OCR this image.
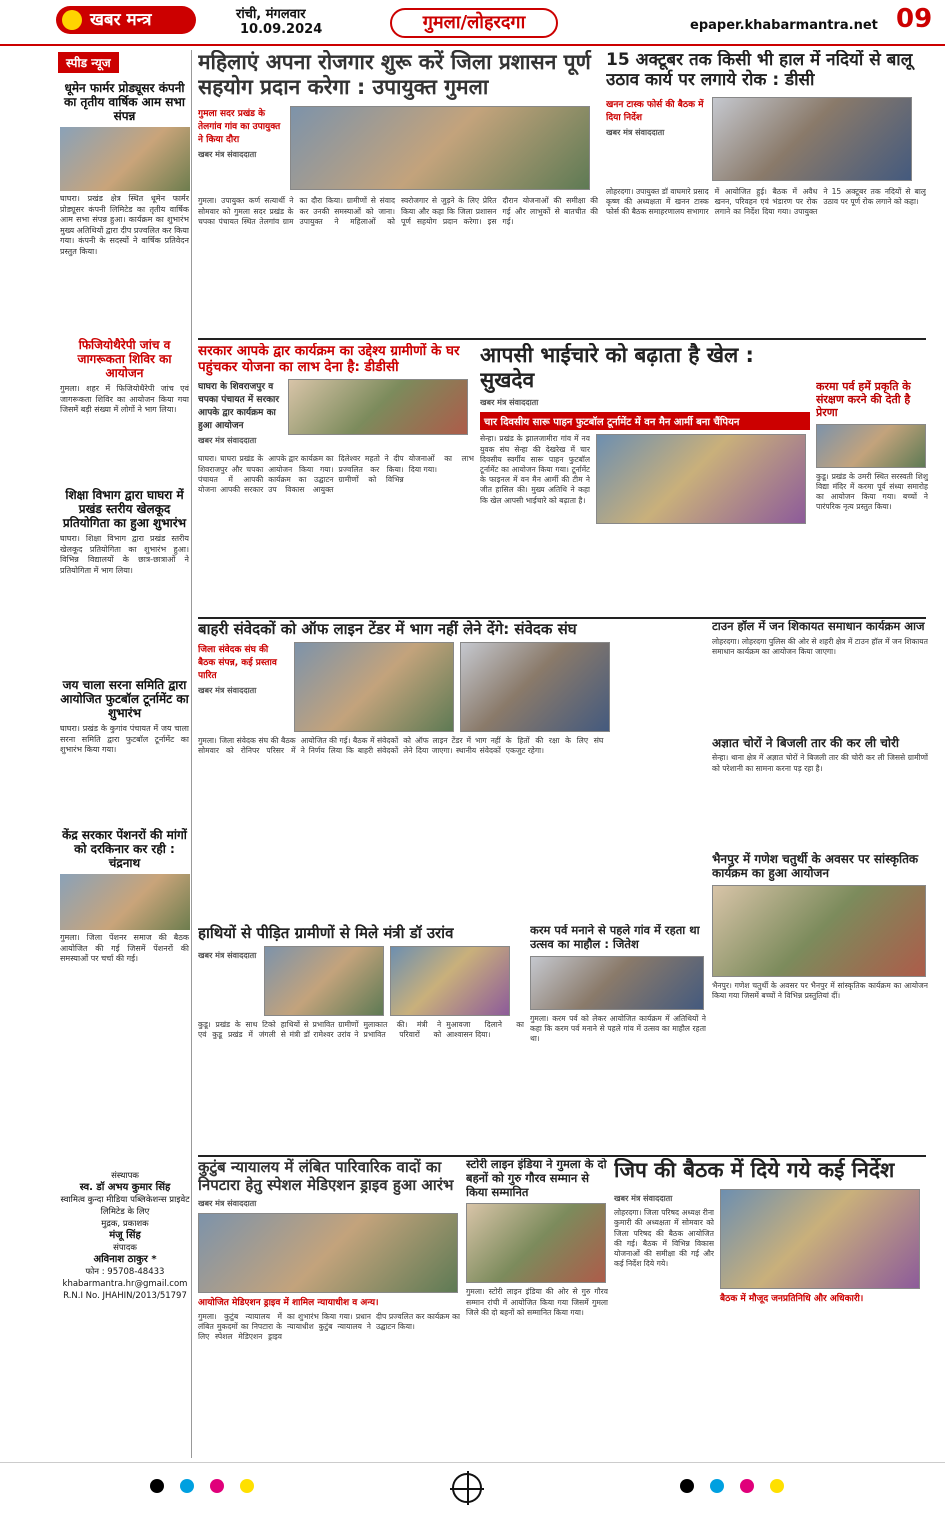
खबर मन्त्र	रांची, मंगलवार
10.09.2024	गुमला/लोहरदगा	epaper.khabarmantra.net 09
स्पीड न्यूज
धूमेन फार्मर प्रोड्यूसर कंपनी का तृतीय वार्षिक आम सभा संपन्न
घाघरा। प्रखंड क्षेत्र स्थित धूमेन फार्मर प्रोड्यूसर कंपनी लिमिटेड का तृतीय वार्षिक आम सभा संपन्न हुआ। कार्यक्रम का शुभारंभ मुख्य अतिथियों द्वारा दीप प्रज्वलित कर किया गया। कंपनी के सदस्यों ने वार्षिक प्रतिवेदन प्रस्तुत किया।
फिजियोथैरेपी जांच व जागरूकता शिविर का आयोजन
गुमला। शहर में फिजियोथैरेपी जांच एवं जागरूकता शिविर का आयोजन किया गया जिसमें बड़ी संख्या में लोगों ने भाग लिया।
शिक्षा विभाग द्वारा घाघरा में प्रखंड स्तरीय खेलकूद प्रतियोगिता का हुआ शुभारंभ
घाघरा। शिक्षा विभाग द्वारा प्रखंड स्तरीय खेलकूद प्रतियोगिता का शुभारंभ हुआ। विभिन्न विद्यालयों के छात्र-छात्राओं ने प्रतियोगिता में भाग लिया।
जय चाला सरना समिति द्वारा आयोजित फुटबॉल टूर्नामेंट का शुभारंभ
घाघरा। प्रखंड के कुगांव पंचायत में जय चाला सरना समिति द्वारा फुटबॉल टूर्नामेंट का शुभारंभ किया गया।
केंद्र सरकार पेंशनरों की मांगों को दरकिनार कर रही : चंद्रनाथ
गुमला। जिला पेंशनर समाज की बैठक आयोजित की गई जिसमें पेंशनरों की समस्याओं पर चर्चा की गई।
संस्थापक
स्व. डॉ अभय कुमार सिंह
स्वामित्व कुन्दा मीडिया पब्लिकेशन्स प्राइवेट लिमिटेड के लिए
मुद्रक, प्रकाशक
मंजू सिंह
संपादक
अविनाश ठाकुर *
फोन : 95708-48433
khabarmantra.hr@gmail.com
R.N.I No. JHAHIN/2013/51797
महिलाएं अपना रोजगार शुरू करें जिला प्रशासन पूर्ण सहयोग प्रदान करेगा : उपायुक्त गुमला
गुमला सदर प्रखंड के तेलगांव गांव का उपायुक्त ने किया दौरा
खबर मंत्र संवाददाता
गुमला। उपायुक्त कर्ण सत्यार्थी ने सोमवार को गुमला सदर प्रखंड के चपका पंचायत स्थित तेलगांव ग्राम का दौरा किया। ग्रामीणों से संवाद कर उनकी समस्याओं को जाना। उपायुक्त ने महिलाओं को स्वरोजगार से जुड़ने के लिए प्रेरित किया और कहा कि जिला प्रशासन पूर्ण सहयोग प्रदान करेगा। इस दौरान योजनाओं की समीक्षा की गई और लाभुकों से बातचीत की गई।
15 अक्टूबर तक किसी भी हाल में नदियों से बालू उठाव कार्य पर लगाये रोक : डीसी
खनन टास्क फोर्स की बैठक में दिया निर्देश
खबर मंत्र संवाददाता
लोहरदगा। उपायुक्त डॉ वाघमारे प्रसाद कृष्ण की अध्यक्षता में खनन टास्क फोर्स की बैठक समाहरणालय सभागार में आयोजित हुई। बैठक में अवैध खनन, परिवहन एवं भंडारण पर रोक लगाने का निर्देश दिया गया। उपायुक्त ने 15 अक्टूबर तक नदियों से बालू उठाव पर पूर्ण रोक लगाने को कहा।
सरकार आपके द्वार कार्यक्रम का उद्देश्य ग्रामीणों के घर पहुंचकर योजना का लाभ देना है: डीडीसी
घाघरा के शिवराजपुर व चपका पंचायत में सरकार आपके द्वार कार्यक्रम का हुआ आयोजन
खबर मंत्र संवाददाता
घाघरा। घाघरा प्रखंड के शिवराजपुर और चपका पंचायत में आपकी योजना आपकी सरकार आपके द्वार कार्यक्रम का आयोजन किया गया। कार्यक्रम का उद्घाटन उप विकास आयुक्त दिलेश्वर महतो ने दीप प्रज्वलित कर किया। ग्रामीणों को विभिन्न योजनाओं का लाभ दिया गया।
आपसी भाईचारे को बढ़ाता है खेल : सुखदेव
खबर मंत्र संवाददाता
चार दिवसीय सारू पाहन फुटबॉल टूर्नामेंट में वन मैन आर्मी बना चैंपियन
सेन्हा। प्रखंड के झालजामीरा गांव में नव युवक संघ सेन्हा की देखरेख में चार दिवसीय स्वर्गीय सारू पाहन फुटबॉल टूर्नामेंट का आयोजन किया गया। टूर्नामेंट के फाइनल में वन मैन आर्मी की टीम ने जीत हासिल की। मुख्य अतिथि ने कहा कि खेल आपसी भाईचारे को बढ़ाता है।
करमा पर्व हमें प्रकृति के संरक्षण करने की देती है प्रेरणा
कुडू। प्रखंड के उमरी स्थित सरस्वती शिशु विद्या मंदिर में करमा पूर्व संध्या समारोह का आयोजन किया गया। बच्चों ने पारंपरिक नृत्य प्रस्तुत किया।
बाहरी संवेदकों को ऑफ लाइन टेंडर में भाग नहीं लेने देंगे: संवेदक संघ
जिला संवेदक संघ की बैठक संपन्न, कई प्रस्ताव पारित
खबर मंत्र संवाददाता
गुमला। जिला संवेदक संघ की बैठक सोमवार को रोनिपर परिसर में आयोजित की गई। बैठक में संवेदकों ने निर्णय लिया कि बाहरी संवेदकों को ऑफ लाइन टेंडर में भाग नहीं लेने दिया जाएगा। स्थानीय संवेदकों के हितों की रक्षा के लिए संघ एकजुट रहेगा।
टाउन हॉल में जन शिकायत समाधान कार्यक्रम आज
लोहरदगा। लोहरदगा पुलिस की ओर से शहरी क्षेत्र में टाउन हॉल में जन शिकायत समाधान कार्यक्रम का आयोजन किया जाएगा।
अज्ञात चोरों ने बिजली तार की कर ली चोरी
सेन्हा। थाना क्षेत्र में अज्ञात चोरों ने बिजली तार की चोरी कर ली जिससे ग्रामीणों को परेशानी का सामना करना पड़ रहा है।
भैनपुर में गणेश चतुर्थी के अवसर पर सांस्कृतिक कार्यक्रम का हुआ आयोजन
भैनपुर। गणेश चतुर्थी के अवसर पर भैनपुर में सांस्कृतिक कार्यक्रम का आयोजन किया गया जिसमें बच्चों ने विभिन्न प्रस्तुतियां दीं।
हाथियों से पीड़ित ग्रामीणों से मिले मंत्री डॉ उरांव
खबर मंत्र संवाददाता
कुडू। प्रखंड के साथ टिको एवं कुडू प्रखंड में जंगली हाथियों से प्रभावित ग्रामीणों से मंत्री डॉ रामेश्वर उरांव ने मुलाकात की। मंत्री ने प्रभावित परिवारों को मुआवजा दिलाने का आश्वासन दिया।
करम पर्व मनाने से पहले गांव में रहता था उत्सव का माहौल : जितेश
गुमला। करम पर्व को लेकर आयोजित कार्यक्रम में अतिथियों ने कहा कि करम पर्व मनाने से पहले गांव में उत्सव का माहौल रहता था।
कुटुंब न्यायालय में लंबित पारिवारिक वादों का निपटारा हेतु स्पेशल मेडिएशन ड्राइव हुआ आरंभ
खबर मंत्र संवाददाता
आयोजित मेडिएशन ड्राइव में शामिल न्यायाधीश व अन्य।
गुमला। कुटुंब न्यायालय में लंबित मुकदमों का निपटारा के लिए स्पेशल मेडिएशन ड्राइव का शुभारंभ किया गया। प्रधान न्यायाधीश कुटुंब न्यायालय ने दीप प्रज्वलित कर कार्यक्रम का उद्घाटन किया।
स्टोरी लाइन इंडिया ने गुमला के दो बहनों को गुरु गौरव सम्मान से किया सम्मानित
गुमला। स्टोरी लाइन इंडिया की ओर से गुरु गौरव सम्मान रांची में आयोजित किया गया जिसमें गुमला जिले की दो बहनों को सम्मानित किया गया।
जिप की बैठक में दिये गये कई निर्देश
खबर मंत्र संवाददाता
लोहरदगा। जिला परिषद अध्यक्ष रीना कुमारी की अध्यक्षता में सोमवार को जिला परिषद की बैठक आयोजित की गई। बैठक में विभिन्न विकास योजनाओं की समीक्षा की गई और कई निर्देश दिये गये।
बैठक में मौजूद जनप्रतिनिधि और अधिकारी।
